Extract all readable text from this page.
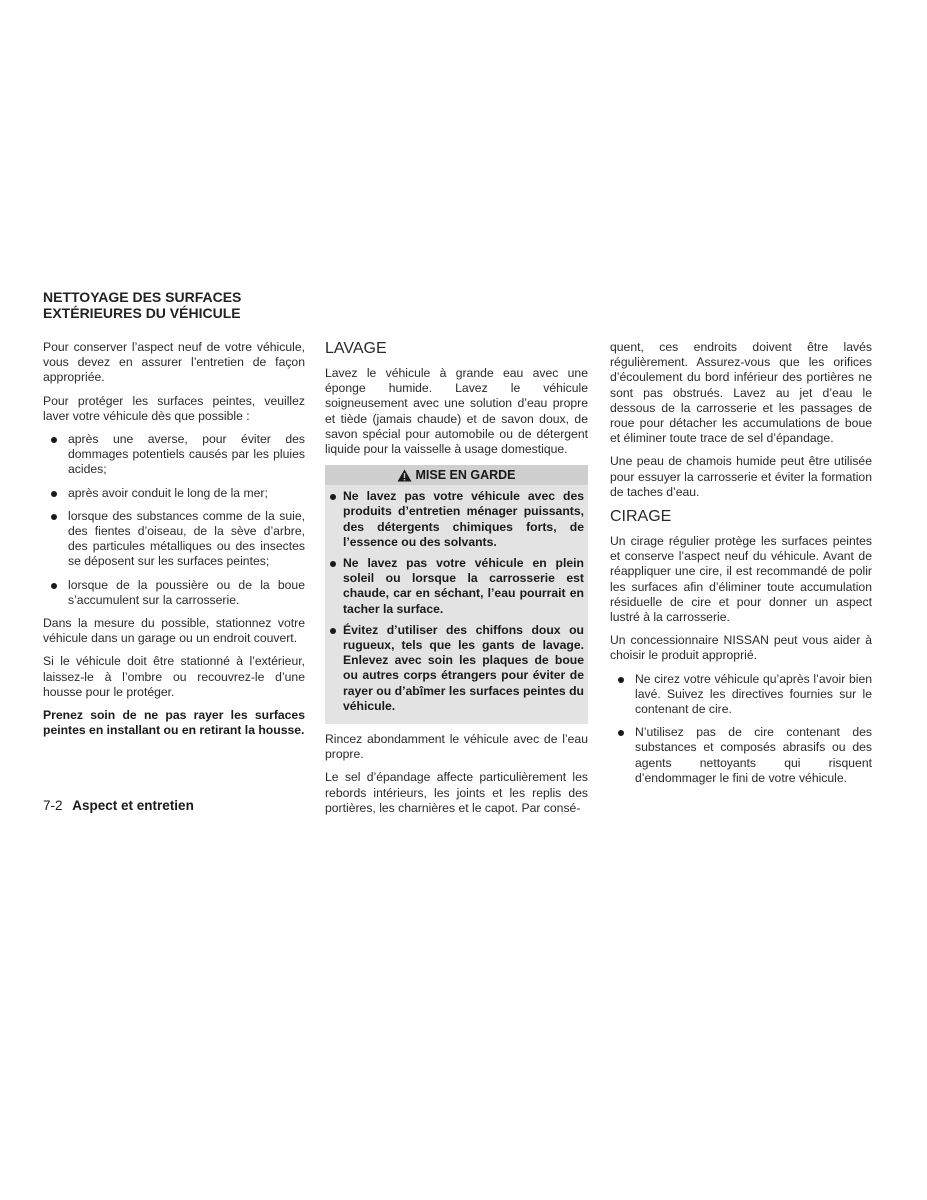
NETTOYAGE DES SURFACES EXTÉRIEURES DU VÉHICULE

Pour conserver l’aspect neuf de votre véhicule, vous devez en assurer l’entretien de façon appropriée.

Pour protéger les surfaces peintes, veuillez laver votre véhicule dès que possible :

après une averse, pour éviter des dommages potentiels causés par les pluies acides;
après avoir conduit le long de la mer;
lorsque des substances comme de la suie, des fientes d’oiseau, de la sève d’arbre, des particules métalliques ou des insectes se déposent sur les surfaces peintes;
lorsque de la poussière ou de la boue s’accumulent sur la carrosserie.

Dans la mesure du possible, stationnez votre véhicule dans un garage ou un endroit couvert.

Si le véhicule doit être stationné à l’extérieur, laissez-le à l’ombre ou recouvrez-le d’une housse pour le protéger.

Prenez soin de ne pas rayer les surfaces peintes en installant ou en retirant la housse.

LAVAGE

Lavez le véhicule à grande eau avec une éponge humide. Lavez le véhicule soigneusement avec une solution d’eau propre et tiède (jamais chaude) et de savon doux, de savon spécial pour automobile ou de détergent liquide pour la vaisselle à usage domestique.

MISE EN GARDE
Ne lavez pas votre véhicule avec des produits d’entretien ménager puissants, des détergents chimiques forts, de l’essence ou des solvants.
Ne lavez pas votre véhicule en plein soleil ou lorsque la carrosserie est chaude, car en séchant, l’eau pourrait en tacher la surface.
Évitez d’utiliser des chiffons doux ou rugueux, tels que les gants de lavage. Enlevez avec soin les plaques de boue ou autres corps étrangers pour éviter de rayer ou d’abîmer les surfaces peintes du véhicule.

Rincez abondamment le véhicule avec de l’eau propre.

Le sel d’épandage affecte particulièrement les rebords intérieurs, les joints et les replis des portières, les charnières et le capot. Par consé-

quent, ces endroits doivent être lavés régulièrement. Assurez-vous que les orifices d’écoulement du bord inférieur des portières ne sont pas obstrués. Lavez au jet d’eau le dessous de la carrosserie et les passages de roue pour détacher les accumulations de boue et éliminer toute trace de sel d’épandage.

Une peau de chamois humide peut être utilisée pour essuyer la carrosserie et éviter la formation de taches d’eau.

CIRAGE

Un cirage régulier protège les surfaces peintes et conserve l’aspect neuf du véhicule. Avant de réappliquer une cire, il est recommandé de polir les surfaces afin d’éliminer toute accumulation résiduelle de cire et pour donner un aspect lustré à la carrosserie.

Un concessionnaire NISSAN peut vous aider à choisir le produit approprié.

Ne cirez votre véhicule qu’après l’avoir bien lavé. Suivez les directives fournies sur le contenant de cire.
N’utilisez pas de cire contenant des substances et composés abrasifs ou des agents nettoyants qui risquent d’endommager le fini de votre véhicule.
7-2 Aspect et entretien
